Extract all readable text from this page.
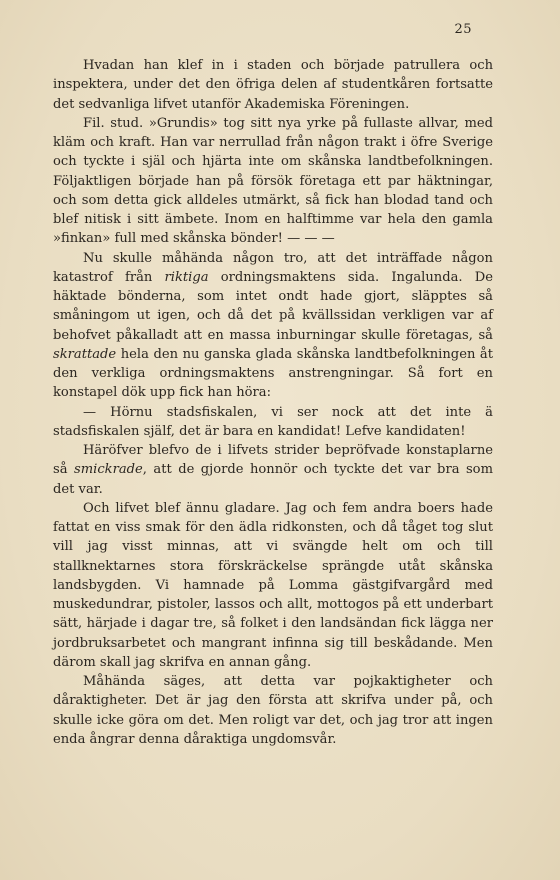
25

Hvadan han klef in i staden och började patrullera och inspektera, under det den öfriga delen af studentkåren fortsatte det sedvanliga lifvet utanför Akademiska Föreningen.

Fil. stud. »Grundis» tog sitt nya yrke på fullaste allvar, med kläm och kraft. Han var nerrullad från någon trakt i öfre Sverige och tyckte i själ och hjärta inte om skånska landtbefolkningen. Följaktligen började han på försök företaga ett par häktningar, och som detta gick alldeles utmärkt, så fick han blodad tand och blef nitisk i sitt ämbete. Inom en halftimme var hela den gamla »finkan» full med skånska bönder! — — —

Nu skulle måhända någon tro, att det inträffade någon katastrof från riktiga ordningsmaktens sida. Ingalunda. De häktade bönderna, som intet ondt hade gjort, släpptes så småningom ut igen, och då det på kvällssidan verkligen var af behofvet påkalladt att en massa inburningar skulle företagas, så skrattade hela den nu ganska glada skånska landtbefolkningen åt den verkliga ordningsmaktens anstrengningar. Så fort en konstapel dök upp fick han höra:

— Hörnu stadsfiskalen, vi ser nock att det inte ä stadsfiskalen själf, det är bara en kandidat! Lefve kandidaten!

Häröfver blefvo de i lifvets strider bepröfvade konstaplarne så smickrade, att de gjorde honnör och tyckte det var bra som det var.

Och lifvet blef ännu gladare. Jag och fem andra boers hade fattat en viss smak för den ädla ridkonsten, och då tåget tog slut vill jag visst minnas, att vi svängde helt om och till stallknektarnes stora förskräckelse sprängde utåt skånska landsbygden. Vi hamnade på Lomma gästgifvargård med muskedundrar, pistoler, lassos och allt, mottogos på ett underbart sätt, härjade i dagar tre, så folket i den landsändan fick lägga ner jordbruksarbetet och mangrant infinna sig till beskådande. Men därom skall jag skrifva en annan gång.

Måhända säges, att detta var pojkaktigheter och dåraktigheter. Det är jag den första att skrifva under på, och skulle icke göra om det. Men roligt var det, och jag tror att ingen enda ångrar denna dåraktiga ungdomsvår.
